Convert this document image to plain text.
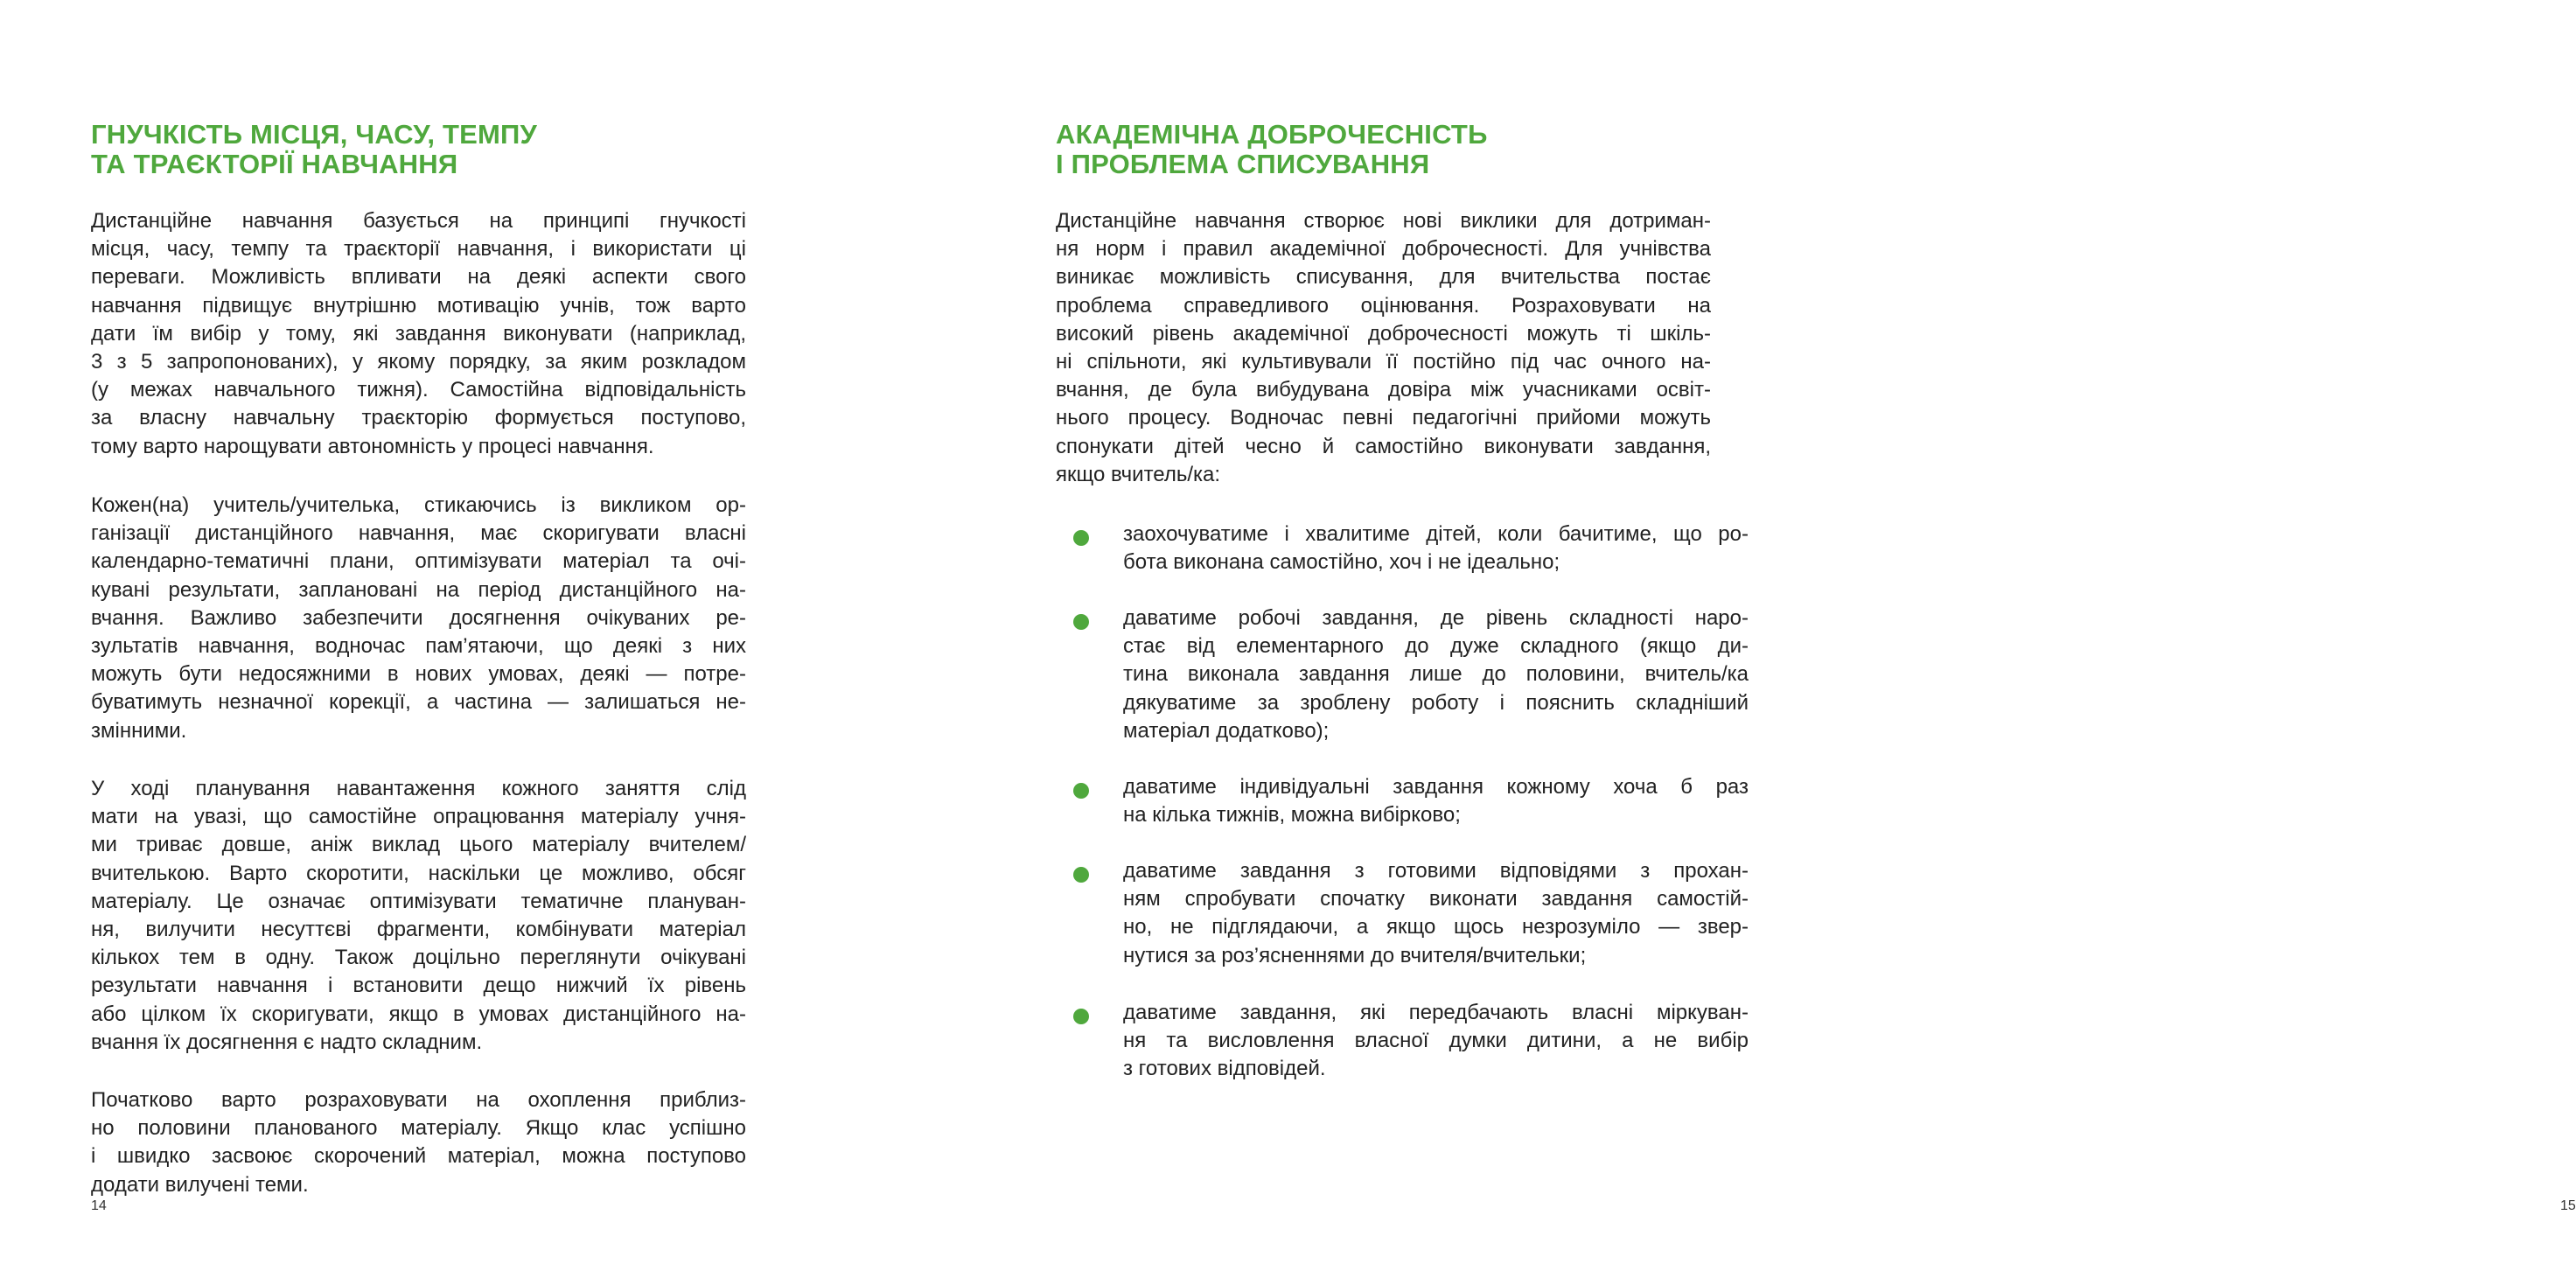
ГНУЧКІСТЬ МІСЦЯ, ЧАСУ, ТЕМПУ
ТА ТРАЄКТОРІЇ НАВЧАННЯ
Дистанційне навчання базується на принципі гнучкості
місця, часу, темпу та траєкторії навчання, і використати ці
переваги. Можливість впливати на деякі аспекти свого
навчання підвищує внутрішню мотивацію учнів, тож варто
дати їм вибір у тому, які завдання виконувати (наприклад,
3 з 5 запропонованих), у якому порядку, за яким розкладом
(у межах навчального тижня). Самостійна відповідальність
за власну навчальну траєкторію формується поступово,
тому варто нарощувати автономність у процесі навчання.
Кожен(на) учитель/учителька, стикаючись із викликом ор-
ганізації дистанційного навчання, має скоригувати власні
календарно-тематичні плани, оптимізувати матеріал та очі-
кувані результати, заплановані на період дистанційного на-
вчання. Важливо забезпечити досягнення очікуваних ре-
зультатів навчання, водночас пам’ятаючи, що деякі з них
можуть бути недосяжними в нових умовах, деякі — потре-
буватимуть незначної корекції, а частина — залишаться не-
змінними.
У ході планування навантаження кожного заняття слід
мати на увазі, що самостійне опрацювання матеріалу учня-
ми триває довше, аніж виклад цього матеріалу вчителем/
вчителькою. Варто скоротити, наскільки це можливо, обсяг
матеріалу. Це означає оптимізувати тематичне плануван-
ня, вилучити несуттєві фрагменти, комбінувати матеріал
кількох тем в одну. Також доцільно переглянути очікувані
результати навчання і встановити дещо нижчий їх рівень
або цілком їх скоригувати, якщо в умовах дистанційного на-
вчання їх досягнення є надто складним.
Початково варто розраховувати на охоплення приблиз-
но половини планованого матеріалу. Якщо клас успішно
і швидко засвоює скорочений матеріал, можна поступово
додати вилучені теми.
14
АКАДЕМІЧНА ДОБРОЧЕСНІСТЬ
І ПРОБЛЕМА СПИСУВАННЯ
Дистанційне навчання створює нові виклики для дотриман-
ня норм і правил академічної доброчесності. Для учнівства
виникає можливість списування, для вчительства постає
проблема справедливого оцінювання. Розраховувати на
високий рівень академічної доброчесності можуть ті шкіль-
ні спільноти, які культивували її постійно під час очного на-
вчання, де була вибудувана довіра між учасниками освіт-
нього процесу. Водночас певні педагогічні прийоми можуть
спонукати дітей чесно й самостійно виконувати завдання,
якщо вчитель/ка:
заохочуватиме і хвалитиме дітей, коли бачитиме, що ро-
бота виконана самостійно, хоч і не ідеально;
даватиме робочі завдання, де рівень складності наро-
стає від елементарного до дуже складного (якщо ди-
тина виконала завдання лише до половини, вчитель/ка
дякуватиме за зроблену роботу і пояснить складніший
матеріал додатково);
даватиме індивідуальні завдання кожному хоча б раз
на кілька тижнів, можна вибірково;
даватиме завдання з готовими відповідями з прохан-
ням спробувати спочатку виконати завдання самостій-
но, не підглядаючи, а якщо щось незрозуміло — звер-
нутися за роз’ясненнями до вчителя/вчительки;
даватиме завдання, які передбачають власні міркуван-
ня та висловлення власної думки дитини, а не вибір
з готових відповідей.
15
